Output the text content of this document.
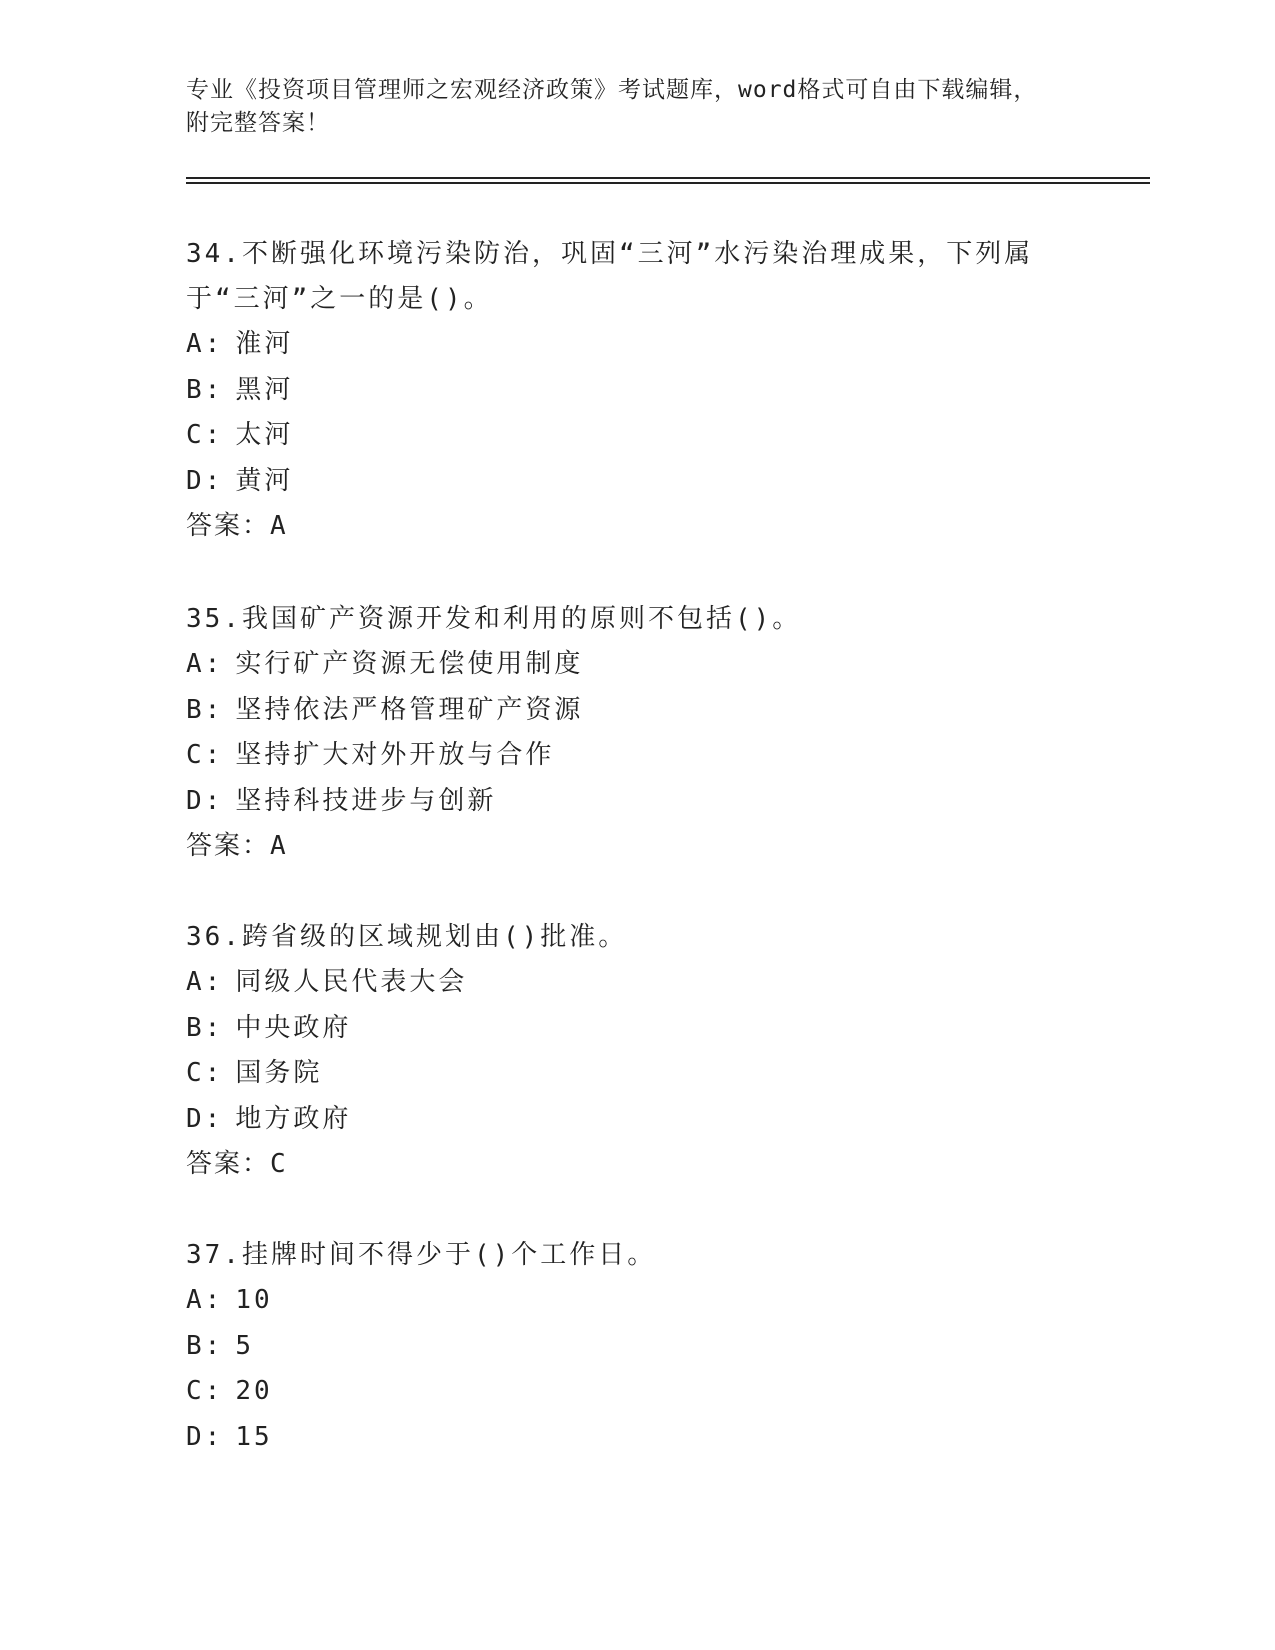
专业《投资项目管理师之宏观经济政策》考试题库，word格式可自由下载编辑，
附完整答案！
34.不断强化环境污染防治，巩固“三河”水污染治理成果，下列属于“三河”之一的是()。
A: 淮河
B: 黑河
C: 太河
D: 黄河
答案：A
35.我国矿产资源开发和利用的原则不包括()。
A: 实行矿产资源无偿使用制度
B: 坚持依法严格管理矿产资源
C: 坚持扩大对外开放与合作
D: 坚持科技进步与创新
答案：A
36.跨省级的区域规划由()批准。
A: 同级人民代表大会
B: 中央政府
C: 国务院
D: 地方政府
答案：C
37.挂牌时间不得少于()个工作日。
A: 10
B: 5
C: 20
D: 15
